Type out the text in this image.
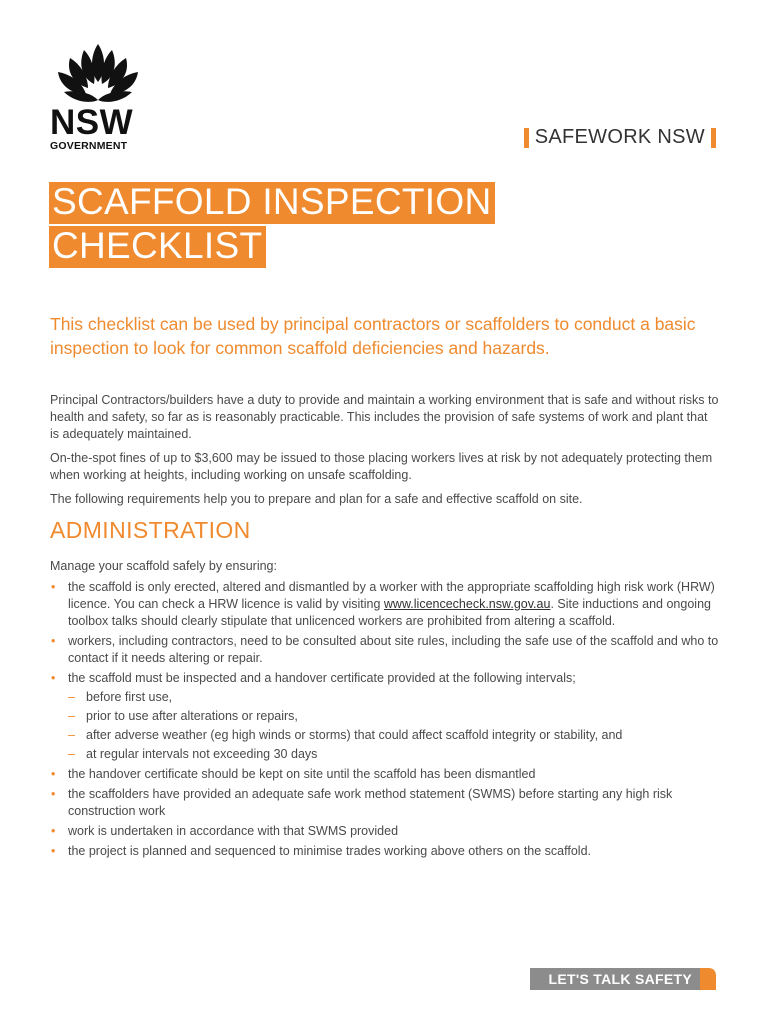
NSW
GOVERNMENT	SAFEWORK NSW
SCAFFOLD INSPECTION
CHECKLIST
This checklist can be used by principal contractors or scaffolders to conduct a basic inspection to look for common scaffold deficiencies and hazards.

Principal Contractors/builders have a duty to provide and maintain a working environment that is safe and without risks to health and safety, so far as is reasonably practicable. This includes the provision of safe systems of work and plant that is adequately maintained.

On-the-spot fines of up to $3,600 may be issued to those placing workers lives at risk by not adequately protecting them when working at heights, including working on unsafe scaffolding.

The following requirements help you to prepare and plan for a safe and effective scaffold on site.

ADMINISTRATION

Manage your scaffold safely by ensuring:

• the scaffold is only erected, altered and dismantled by a worker with the appropriate scaffolding high risk work (HRW) licence. You can check a HRW licence is valid by visiting www.licencecheck.nsw.gov.au. Site inductions and ongoing toolbox talks should clearly stipulate that unlicenced workers are prohibited from altering a scaffold.
• workers, including contractors, need to be consulted about site rules, including the safe use of the scaffold and who to contact if it needs altering or repair.
• the scaffold must be inspected and a handover certificate provided at the following intervals;
– before first use,
– prior to use after alterations or repairs,
– after adverse weather (eg high winds or storms) that could affect scaffold integrity or stability, and
– at regular intervals not exceeding 30 days
• the handover certificate should be kept on site until the scaffold has been dismantled
• the scaffolders have provided an adequate safe work method statement (SWMS) before starting any high risk construction work
• work is undertaken in accordance with that SWMS provided
• the project is planned and sequenced to minimise trades working above others on the scaffold.
LET'S TALK SAFETY
